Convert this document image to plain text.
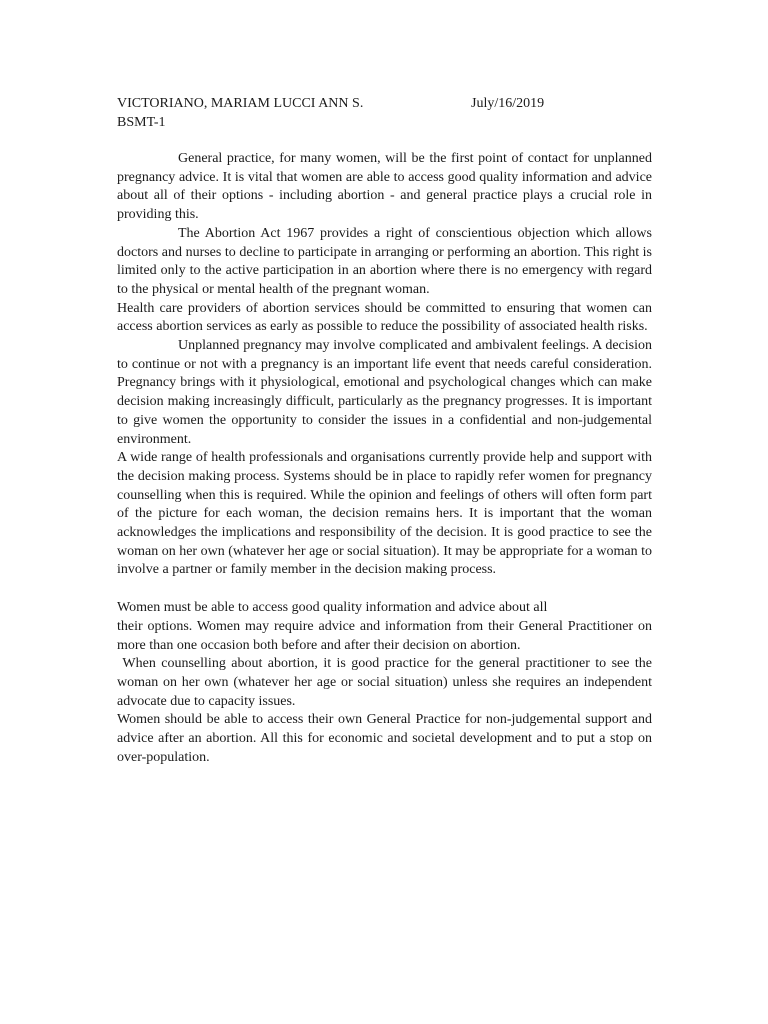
VICTORIANO, MARIAM LUCCI ANN S.	July/16/2019
BSMT-1

General practice, for many women, will be the first point of contact for unplanned pregnancy advice. It is vital that women are able to access good quality information and advice about all of their options - including abortion - and general practice plays a crucial role in providing this.

The Abortion Act 1967 provides a right of conscientious objection which allows doctors and nurses to decline to participate in arranging or performing an abortion. This right is limited only to the active participation in an abortion where there is no emergency with regard to the physical or mental health of the pregnant woman.

Health care providers of abortion services should be committed to ensuring that women can access abortion services as early as possible to reduce the possibility of associated health risks.

Unplanned pregnancy may involve complicated and ambivalent feelings. A decision to continue or not with a pregnancy is an important life event that needs careful consideration. Pregnancy brings with it physiological, emotional and psychological changes which can make decision making increasingly difficult, particularly as the pregnancy progresses. It is important to give women the opportunity to consider the issues in a confidential and non-judgemental environment.

A wide range of health professionals and organisations currently provide help and support with the decision making process. Systems should be in place to rapidly refer women for pregnancy counselling when this is required. While the opinion and feelings of others will often form part of the picture for each woman, the decision remains hers. It is important that the woman acknowledges the implications and responsibility of the decision. It is good practice to see the woman on her own (whatever her age or social situation). It may be appropriate for a woman to involve a partner or family member in the decision making process.

Women must be able to access good quality information and advice about all

their options. Women may require advice and information from their General Practitioner on more than one occasion both before and after their decision on abortion.

When counselling about abortion, it is good practice for the general practitioner to see the woman on her own (whatever her age or social situation) unless she requires an independent advocate due to capacity issues.

Women should be able to access their own General Practice for non-judgemental support and advice after an abortion. All this for economic and societal development and to put a stop on over-population.
